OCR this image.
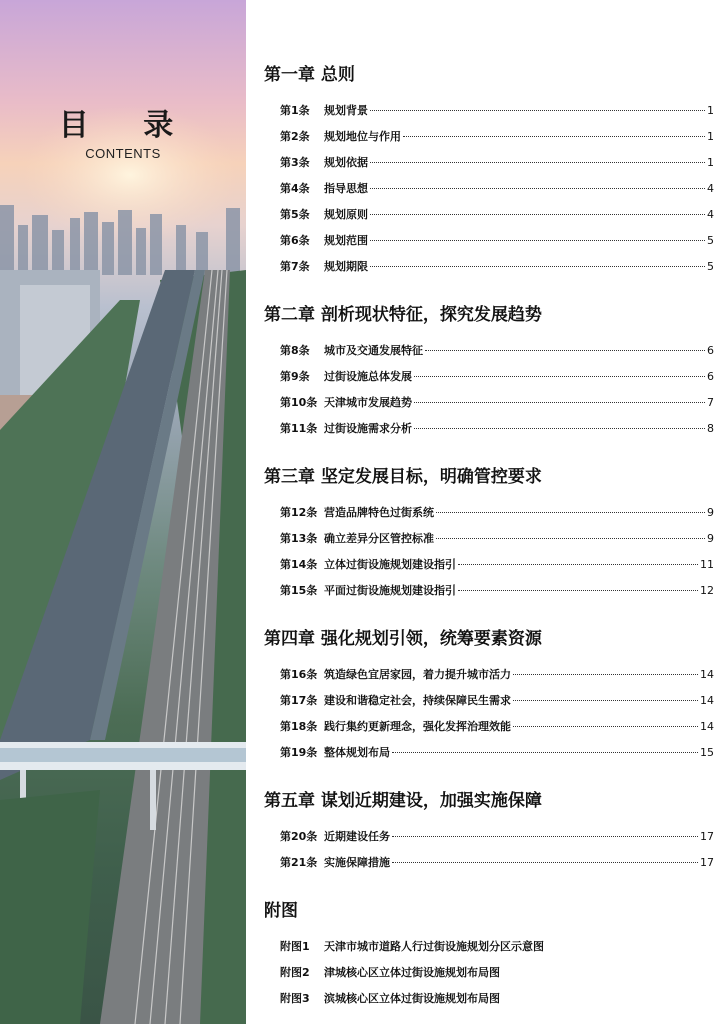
目 录
CONTENTS
第一章 总则
第1条	规划背景	1
第2条	规划地位与作用	1
第3条	规划依据	1
第4条	指导思想	4
第5条	规划原则	4
第6条	规划范围	5
第7条	规划期限	5
第二章 剖析现状特征，探究发展趋势
第8条	城市及交通发展特征	6
第9条	过街设施总体发展	6
第10条 天津城市发展趋势	7
第11条 过街设施需求分析	8
第三章 坚定发展目标，明确管控要求
第12条 营造品牌特色过街系统	9
第13条 确立差异分区管控标准	9
第14条 立体过街设施规划建设指引	11
第15条 平面过街设施规划建设指引	12
第四章 强化规划引领，统筹要素资源
第16条 筑造绿色宜居家园，着力提升城市活力	14
第17条 建设和谐稳定社会，持续保障民生需求	14
第18条 践行集约更新理念，强化发挥治理效能	14
第19条 整体规划布局	15
第五章 谋划近期建设，加强实施保障
第20条 近期建设任务	17
第21条 实施保障措施	17
附图
附图1	天津市城市道路人行过街设施规划分区示意图
附图2	津城核心区立体过街设施规划布局图
附图3	滨城核心区立体过街设施规划布局图
